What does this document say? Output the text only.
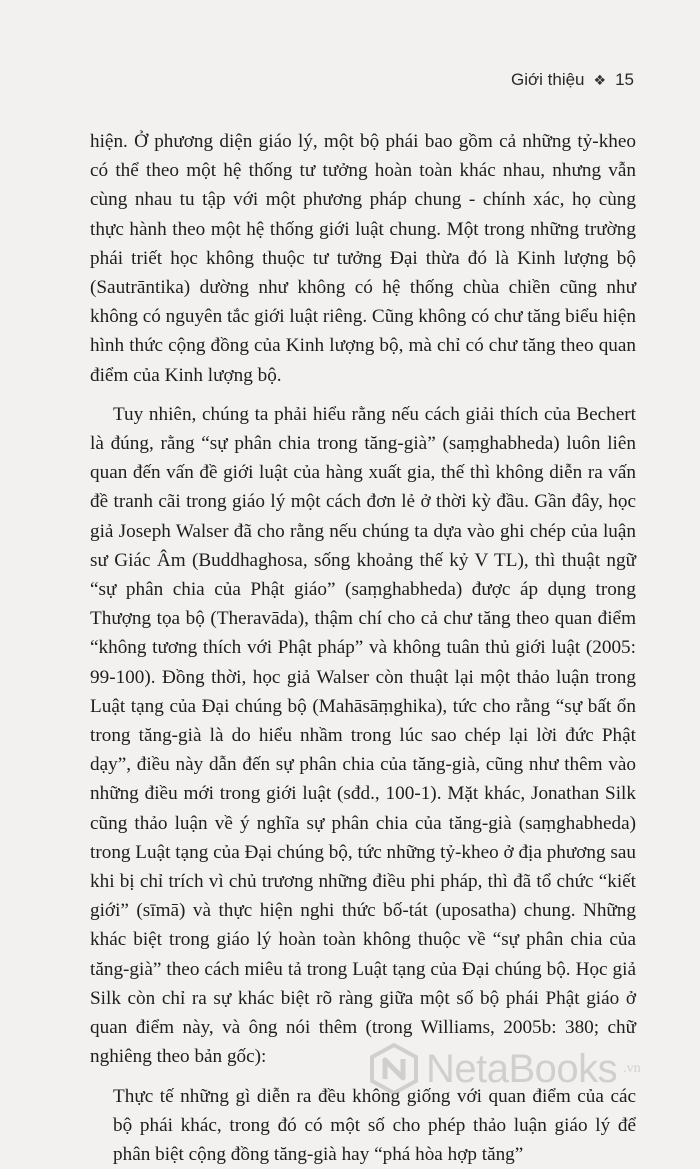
Giới thiệu ❖ 15

hiện. Ở phương diện giáo lý, một bộ phái bao gồm cả những tỷ-kheo có thể theo một hệ thống tư tưởng hoàn toàn khác nhau, nhưng vẫn cùng nhau tu tập với một phương pháp chung - chính xác, họ cùng thực hành theo một hệ thống giới luật chung. Một trong những trường phái triết học không thuộc tư tưởng Đại thừa đó là Kinh lượng bộ (Sautrāntika) dường như không có hệ thống chùa chiền cũng như không có nguyên tắc giới luật riêng. Cũng không có chư tăng biểu hiện hình thức cộng đồng của Kinh lượng bộ, mà chỉ có chư tăng theo quan điểm của Kinh lượng bộ.

Tuy nhiên, chúng ta phải hiểu rằng nếu cách giải thích của Bechert là đúng, rằng “sự phân chia trong tăng-già” (saṃghabheda) luôn liên quan đến vấn đề giới luật của hàng xuất gia, thế thì không diễn ra vấn đề tranh cãi trong giáo lý một cách đơn lẻ ở thời kỳ đầu. Gần đây, học giả Joseph Walser đã cho rằng nếu chúng ta dựa vào ghi chép của luận sư Giác Âm (Buddhaghosa, sống khoảng thế kỷ V TL), thì thuật ngữ “sự phân chia của Phật giáo” (saṃghabheda) được áp dụng trong Thượng tọa bộ (Theravāda), thậm chí cho cả chư tăng theo quan điểm “không tương thích với Phật pháp” và không tuân thủ giới luật (2005: 99-100). Đồng thời, học giả Walser còn thuật lại một thảo luận trong Luật tạng của Đại chúng bộ (Mahāsāṃghika), tức cho rằng “sự bất ổn trong tăng-già là do hiểu nhầm trong lúc sao chép lại lời đức Phật dạy”, điều này dẫn đến sự phân chia của tăng-già, cũng như thêm vào những điều mới trong giới luật (sđd., 100-1). Mặt khác, Jonathan Silk cũng thảo luận về ý nghĩa sự phân chia của tăng-già (saṃghabheda) trong Luật tạng của Đại chúng bộ, tức những tỷ-kheo ở địa phương sau khi bị chỉ trích vì chủ trương những điều phi pháp, thì đã tổ chức “kiết giới” (sīmā) và thực hiện nghi thức bố-tát (uposatha) chung. Những khác biệt trong giáo lý hoàn toàn không thuộc về “sự phân chia của tăng-già” theo cách miêu tả trong Luật tạng của Đại chúng bộ. Học giả Silk còn chỉ ra sự khác biệt rõ ràng giữa một số bộ phái Phật giáo ở quan điểm này, và ông nói thêm (trong Williams, 2005b: 380; chữ nghiêng theo bản gốc):

Thực tế những gì diễn ra đều không giống với quan điểm của các bộ phái khác, trong đó có một số cho phép thảo luận giáo lý để phân biệt cộng đồng tăng-già hay “phá hòa hợp tăng”

NetaBooks .vn
